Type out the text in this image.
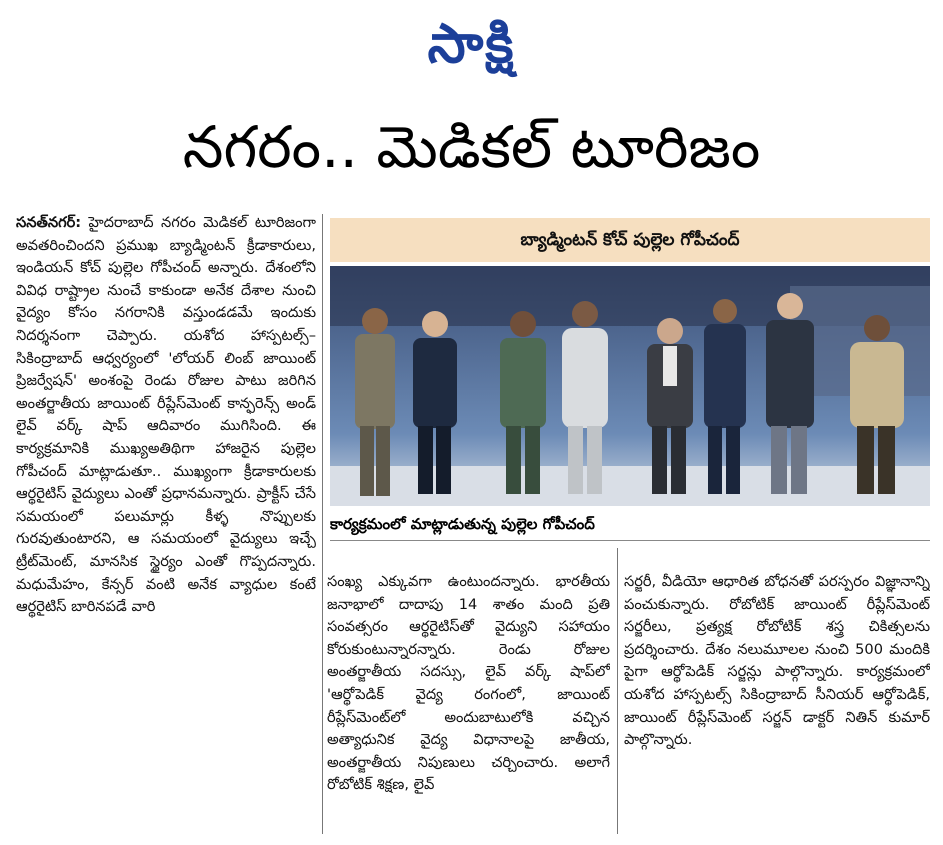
సాక్షి
నగరం.. మెడికల్ టూరిజం

సనత్‌నగర్: హైదరాబాద్ నగరం మెడికల్ టూరిజంగా అవతరించిందని ప్రముఖ బ్యాడ్మింటన్ క్రీడాకారులు, ఇండియన్ కోచ్ పుల్లెల గోపీచంద్ అన్నారు. దేశంలోని వివిధ రాష్ట్రాల నుంచే కాకుండా అనేక దేశాల నుంచి వైద్యం కోసం నగరానికి వస్తుండడమే ఇందుకు నిదర్శనంగా చెప్పారు. యశోద హాస్పటల్స్–సికింద్రాబాద్ ఆధ్వర్యంలో 'లోయర్ లింబ్ జాయింట్ ప్రిజర్వేషన్' అంశంపై రెండు రోజుల పాటు జరిగిన అంతర్జాతీయ జాయింట్ రీప్లేస్‌మెంట్ కాన్ఫరెన్స్ అండ్ లైవ్ వర్క్ షాప్ ఆదివారం ముగిసింది. ఈ కార్యక్రమానికి ముఖ్యఅతిథిగా హాజరైన పుల్లెల గోపీచంద్ మాట్లాడుతూ.. ముఖ్యంగా క్రీడాకారులకు ఆర్థరైటిస్ వైద్యులు ఎంతో ప్రధానమన్నారు. ప్రాక్టీస్ చేసే సమయంలో పలుమార్లు కీళ్ళ నొప్పులకు గురవుతుంటారని, ఆ సమయంలో వైద్యులు ఇచ్చే ట్రీట్‌మెంట్, మానసిక స్థైర్యం ఎంతో గొప్పదన్నారు. మధుమేహం, కేన్సర్ వంటి అనేక వ్యాధుల కంటే ఆర్థరైటిస్ బారినపడే వారి

బ్యాడ్మింటన్ కోచ్ పుల్లెల గోపీచంద్
కార్యక్రమంలో మాట్లాడుతున్న పుల్లెల గోపీచంద్

సంఖ్య ఎక్కువగా ఉంటుందన్నారు. భారతీయ జనాభాలో దాదాపు 14 శాతం మంది ప్రతి సంవత్సరం ఆర్థరైటిస్‌తో వైద్యుని సహాయం కోరుకుంటున్నారన్నారు. రెండు రోజుల అంతర్జాతీయ సదస్సు, లైవ్ వర్క్ షాప్‌లో 'ఆర్థోపెడిక్ వైద్య రంగంలో, జాయింట్ రీప్లేస్‌మెంట్‌లో అందుబాటులోకి వచ్చిన అత్యాధునిక వైద్య విధానాలపై జాతీయ, అంతర్జాతీయ నిపుణులు చర్చించారు. అలాగే రోబోటిక్ శిక్షణ, లైవ్

సర్జరీ, వీడియో ఆధారిత బోధనతో పరస్పరం విజ్ఞానాన్ని పంచుకున్నారు. రోబోటిక్ జాయింట్ రీప్లేస్‌మెంట్ సర్జరీలు, ప్రత్యక్ష రోబోటిక్ శస్త్ర చికిత్సలను ప్రదర్శించారు. దేశం నలుమూలల నుంచి 500 మందికి పైగా ఆర్థోపెడిక్ సర్జన్లు పాల్గొన్నారు. కార్యక్రమంలో యశోద హాస్పటల్స్ సికింద్రాబాద్ సీనియర్ ఆర్థోపెడిక్, జాయింట్ రీప్లేస్‌మెంట్ సర్జన్ డాక్టర్ నితిన్ కుమార్ పాల్గొన్నారు.
